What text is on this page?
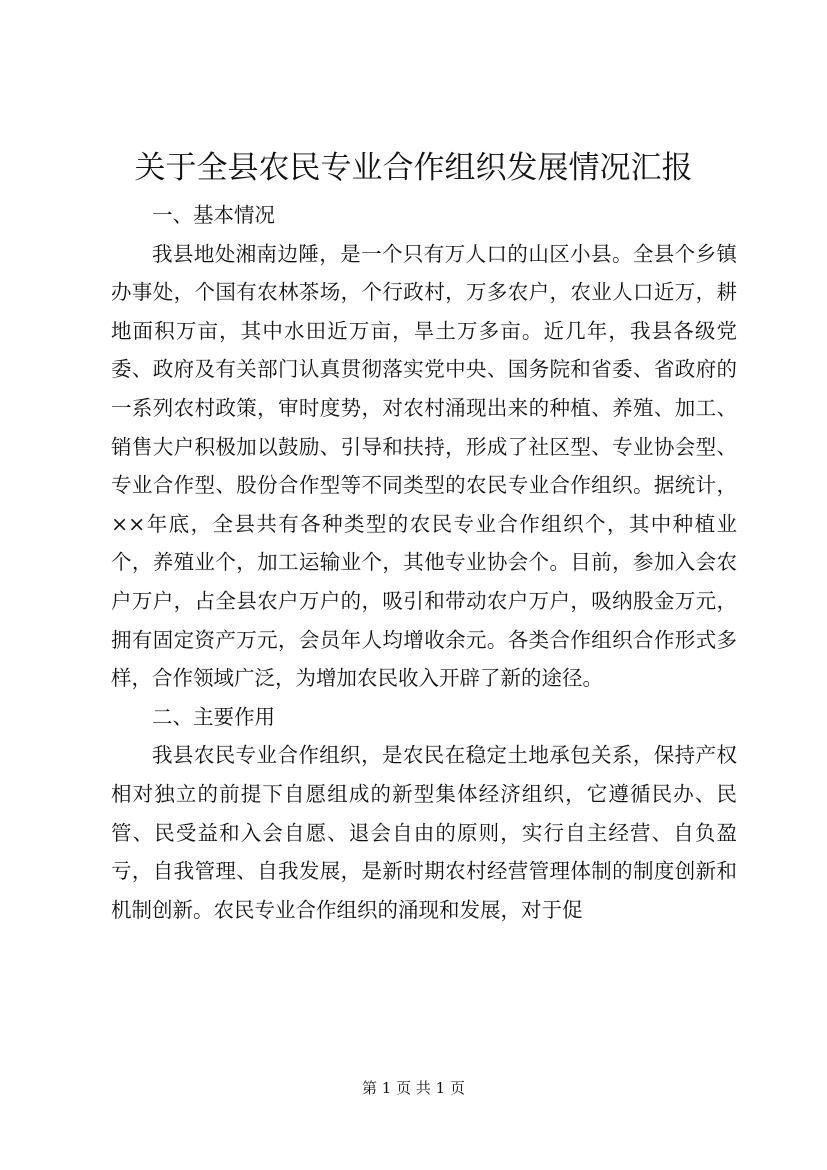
关于全县农民专业合作组织发展情况汇报

一、基本情况

我县地处湘南边陲，是一个只有万人口的山区小县。全县个乡镇办事处，个国有农林茶场，个行政村，万多农户，农业人口近万，耕地面积万亩，其中水田近万亩，旱土万多亩。近几年，我县各级党委、政府及有关部门认真贯彻落实党中央、国务院和省委、省政府的一系列农村政策，审时度势，对农村涌现出来的种植、养殖、加工、销售大户积极加以鼓励、引导和扶持，形成了社区型、专业协会型、专业合作型、股份合作型等不同类型的农民专业合作组织。据统计，××年底，全县共有各种类型的农民专业合作组织个，其中种植业个，养殖业个，加工运输业个，其他专业协会个。目前，参加入会农户万户，占全县农户万户的，吸引和带动农户万户，吸纳股金万元，拥有固定资产万元，会员年人均增收余元。各类合作组织合作形式多样，合作领域广泛，为增加农民收入开辟了新的途径。

二、主要作用

我县农民专业合作组织，是农民在稳定土地承包关系，保持产权相对独立的前提下自愿组成的新型集体经济组织，它遵循民办、民管、民受益和入会自愿、退会自由的原则，实行自主经营、自负盈亏，自我管理、自我发展，是新时期农村经营管理体制的制度创新和机制创新。农民专业合作组织的涌现和发展，对于促

第 1 页 共 1 页
